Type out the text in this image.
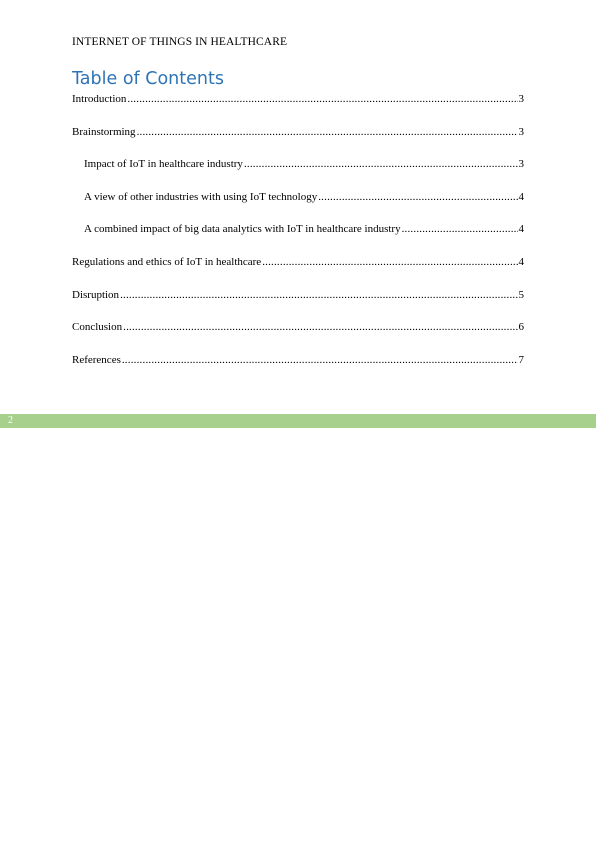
INTERNET OF THINGS IN HEALTHCARE
Table of Contents
Introduction .....	3
Brainstorming .....	3
Impact of IoT in healthcare industry .....	3
A view of other industries with using IoT technology .....	4
A combined impact of big data analytics with IoT in healthcare industry .....	4
Regulations and ethics of IoT in healthcare .....	4
Disruption .....	5
Conclusion .....	6
References .....	7
2
